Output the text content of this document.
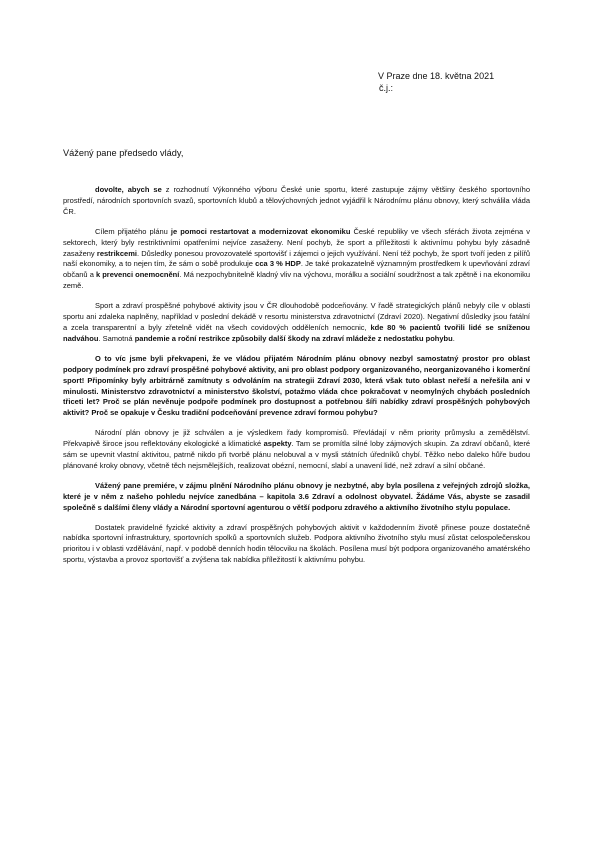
V Praze dne 18. května 2021
č.j.:
Vážený pane předsedo vlády,

dovolte, abych se z rozhodnutí Výkonného výboru České unie sportu, které zastupuje zájmy většiny českého sportovního prostředí, národních sportovních svazů, sportovních klubů a tělovýchovných jednot vyjádřil k Národnímu plánu obnovy, který schválila vláda ČR.

Cílem přijatého plánu je pomoci restartovat a modernizovat ekonomiku České republiky ve všech sférách života zejména v sektorech, který byly restriktivními opatřeními nejvíce zasaženy. Není pochyb, že sport a příležitosti k aktivnímu pohybu byly zásadně zasaženy restrikcemi. Důsledky ponesou provozovatelé sportovišť i zájemci o jejich využívání. Není též pochyb, že sport tvoří jeden z pilířů naší ekonomiky, a to nejen tím, že sám o sobě produkuje cca 3 % HDP. Je také prokazatelně významným prostředkem k upevňování zdraví občanů a k prevenci onemocnění. Má nezpochybnitelně kladný vliv na výchovu, morálku a sociální soudržnost a tak zpětně i na ekonomiku země.

Sport a zdraví prospěšné pohybové aktivity jsou v ČR dlouhodobě podceňovány. V řadě strategických plánů nebyly cíle v oblasti sportu ani zdaleka naplněny, například v poslední dekádě v resortu ministerstva zdravotnictví (Zdraví 2020). Negativní důsledky jsou fatální a zcela transparentní a byly zřetelně vidět na všech covidových odděleních nemocnic, kde 80 % pacientů tvořili lidé se sníženou nadváhou. Samotná pandemie a roční restrikce způsobily další škody na zdraví mládeže z nedostatku pohybu.

O to víc jsme byli překvapeni, že ve vládou přijatém Národním plánu obnovy nezbyl samostatný prostor pro oblast podpory podmínek pro zdraví prospěšné pohybové aktivity, ani pro oblast podpory organizovaného, neorganizovaného i komerční sport! Připomínky byly arbitrárně zamítnuty s odvoláním na strategii Zdraví 2030, která však tuto oblast neřeší a neřešila ani v minulosti. Ministerstvo zdravotnictví a ministerstvo školství, potažmo vláda chce pokračovat v neomylných chybách posledních třiceti let? Proč se plán nevěnuje podpoře podmínek pro dostupnost a potřebnou šíři nabídky zdraví prospěšných pohybových aktivit? Proč se opakuje v Česku tradiční podceňování prevence zdraví formou pohybu?

Národní plán obnovy je již schválen a je výsledkem řady kompromisů. Převládají v něm priority průmyslu a zemědělství. Překvapivě široce jsou reflektovány ekologické a klimatické aspekty. Tam se promítla silné loby zájmových skupin. Za zdraví občanů, které sám se upevnit vlastní aktivitou, patrně nikdo při tvorbě plánu nelobuval a v mysli státních úředníků chybí. Těžko nebo daleko hůře budou plánované kroky obnovy, včetně těch nejsmělejších, realizovat obézní, nemocní, slabí a unavení lidé, než zdraví a silní občané.

Vážený pane premiére, v zájmu plnění Národního plánu obnovy je nezbytné, aby byla posílena z veřejných zdrojů složka, které je v něm z našeho pohledu nejvíce zanedbána – kapitola 3.6 Zdraví a odolnost obyvatel. Žádáme Vás, abyste se zasadil společně s dalšími členy vlády a Národní sportovní agenturou o větší podporu zdravého a aktivního životního stylu populace.

Dostatek pravidelné fyzické aktivity a zdraví prospěšných pohybových aktivit v každodenním životě přinese pouze dostatečně nabídka sportovní infrastruktury, sportovních spolků a sportovních služeb. Podpora aktivního životního stylu musí zůstat celospolečenskou prioritou i v oblasti vzdělávání, např. v podobě denních hodin tělocviku na školách. Posílena musí být podpora organizovaného amatérského sportu, výstavba a provoz sportovišť a zvýšena tak nabídka příležitostí k aktivnímu pohybu.
